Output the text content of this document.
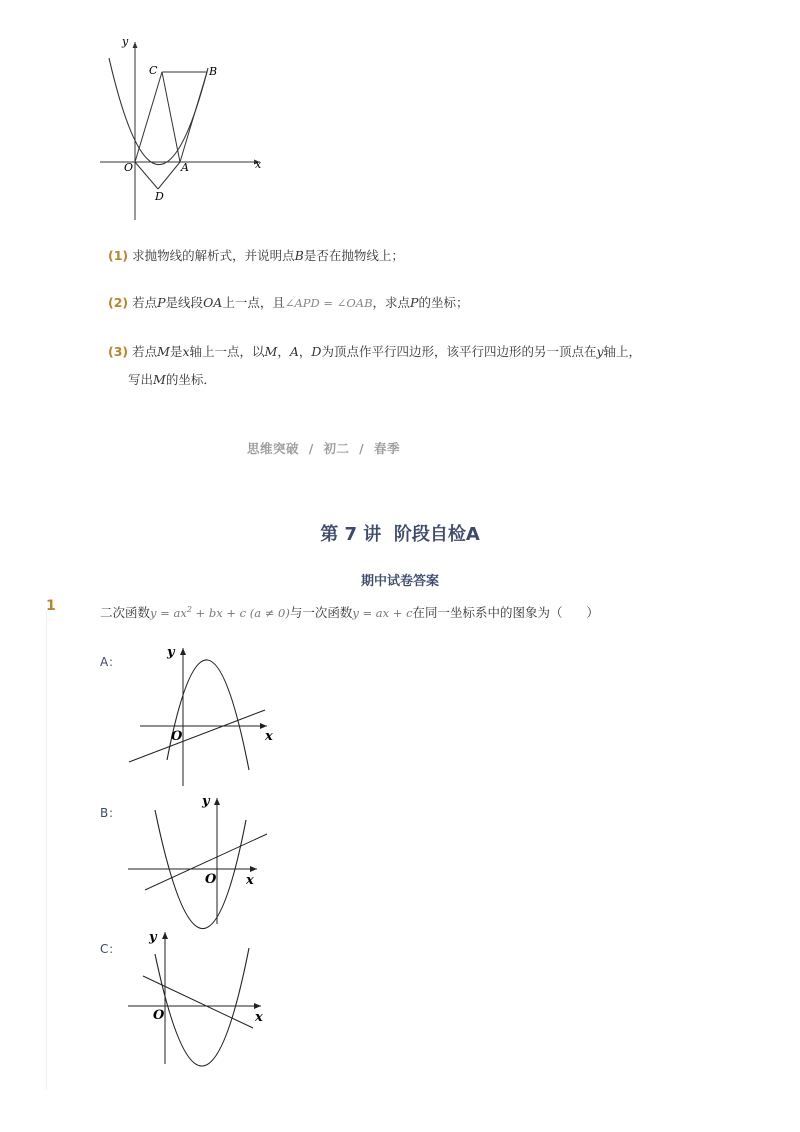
y
x
O	A
B
C
D
(1) 求抛物线的解析式，并说明点B是否在抛物线上；
(2) 若点P是线段OA上一点，且∠APD = ∠OAB，求点P的坐标；
(3) 若点M是x轴上一点，以M，A，D为顶点作平行四边形，该平行四边形的另一顶点在y轴上，
写出M的坐标．
思维突破  /  初二  /  春季
第 7 讲  阶段自检A
期中试卷答案
1	二次函数$y = ax^2$ + bx + c (a ≠ 0)与一次函数y = ax + c在同一坐标系中的图象为（      ）
A：
y
x
O
B：
y
x
O
C：
y
x
O
